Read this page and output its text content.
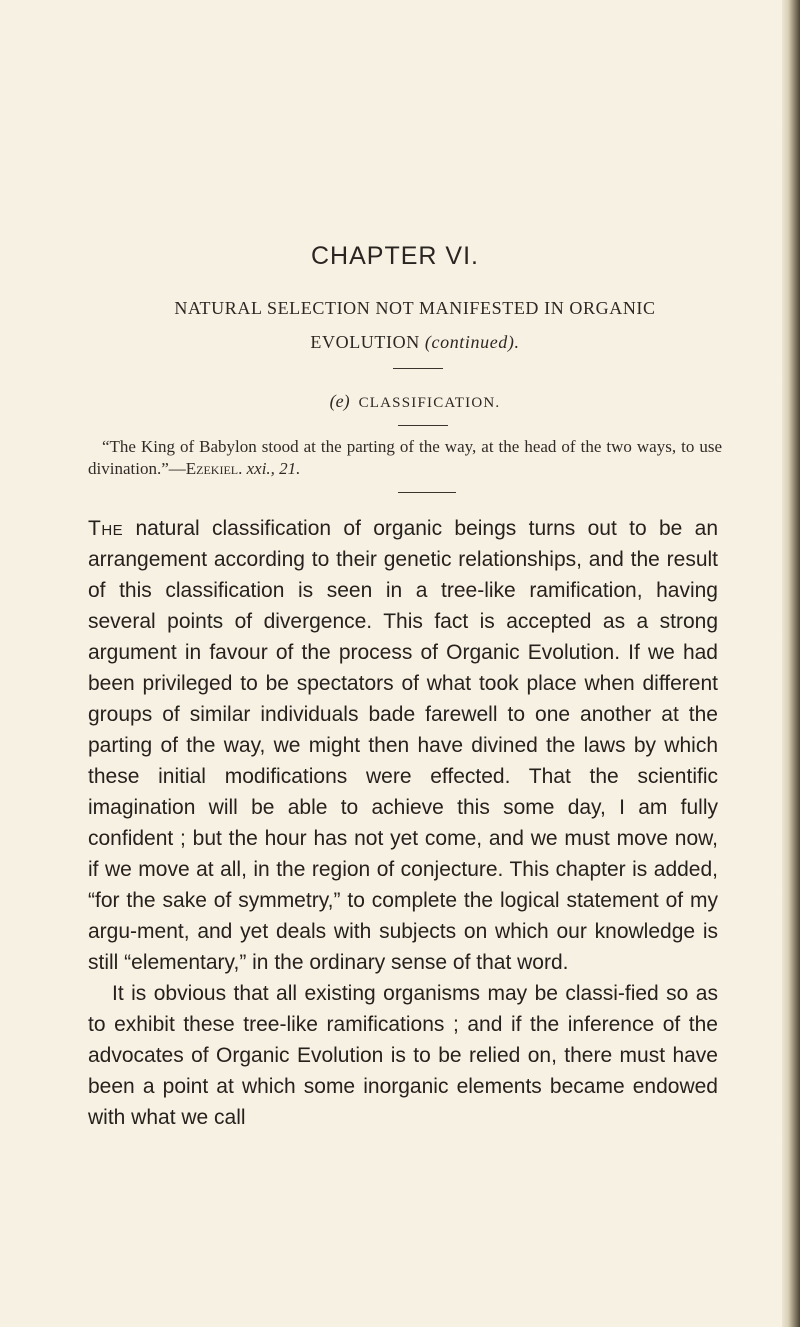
CHAPTER VI.
NATURAL SELECTION NOT MANIFESTED IN ORGANIC
EVOLUTION (continued).
(e) CLASSIFICATION.
“The King of Babylon stood at the parting of the way, at the head of the two ways, to use divination.”—Ezekiel. xxi., 21.

The natural classification of organic beings turns out to be an arrangement according to their genetic relationships, and the result of this classification is seen in a tree-like ramification, having several points of divergence. This fact is accepted as a strong argument in favour of the process of Organic Evolution. If we had been privileged to be spectators of what took place when different groups of similar individuals bade farewell to one another at the parting of the way, we might then have divined the laws by which these initial modifications were effected. That the scientific imagination will be able to achieve this some day, I am fully confident ; but the hour has not yet come, and we must move now, if we move at all, in the region of conjecture. This chapter is added, “for the sake of symmetry,” to complete the logical statement of my argu-ment, and yet deals with subjects on which our knowledge is still “elementary,” in the ordinary sense of that word.

It is obvious that all existing organisms may be classi-fied so as to exhibit these tree-like ramifications ; and if the inference of the advocates of Organic Evolution is to be relied on, there must have been a point at which some inorganic elements became endowed with what we call
